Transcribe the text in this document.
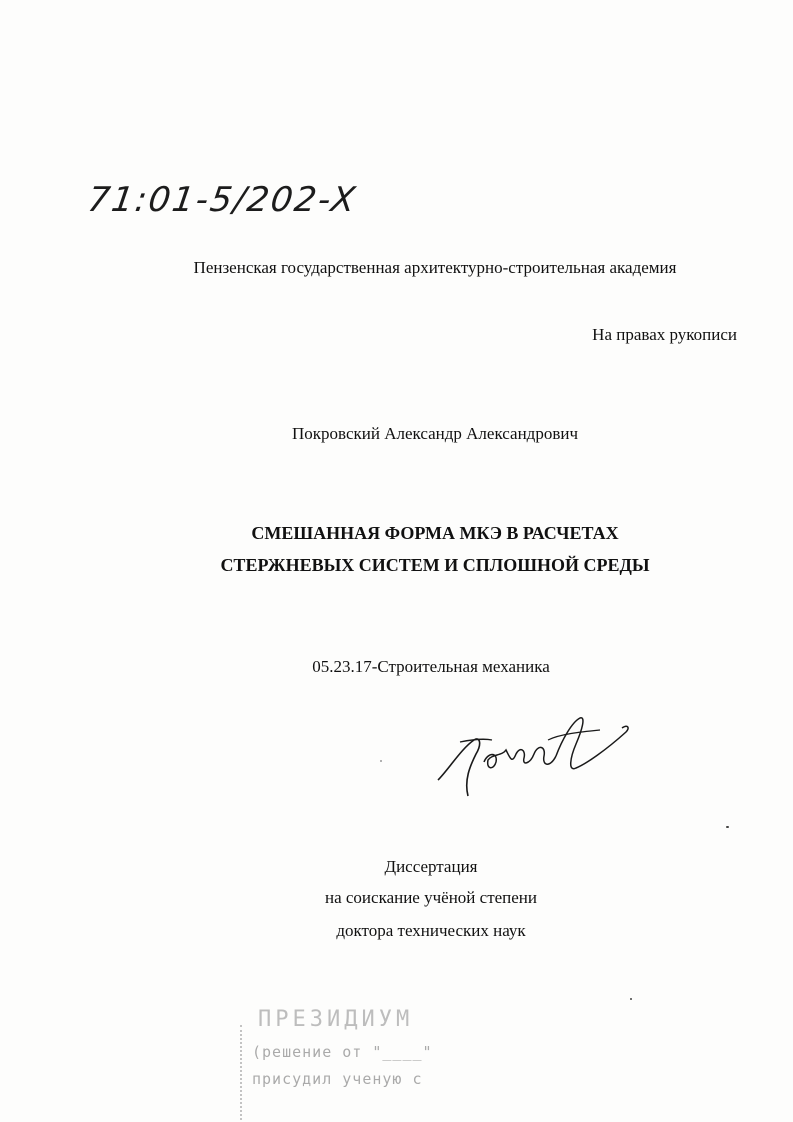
71:01-5/202-X
Пензенская государственная архитектурно-строительная академия
На правах рукописи
Покровский Александр Александрович
СМЕШАННАЯ ФОРМА МКЭ В РАСЧЕТАХ
СТЕРЖНЕВЫХ СИСТЕМ И СПЛОШНОЙ СРЕДЫ
05.23.17-Строительная механика
Диссертация
на соискание учёной степени
доктора технических наук
ПРЕЗИДИУМ
(решение от "____"
присудил ученую с
